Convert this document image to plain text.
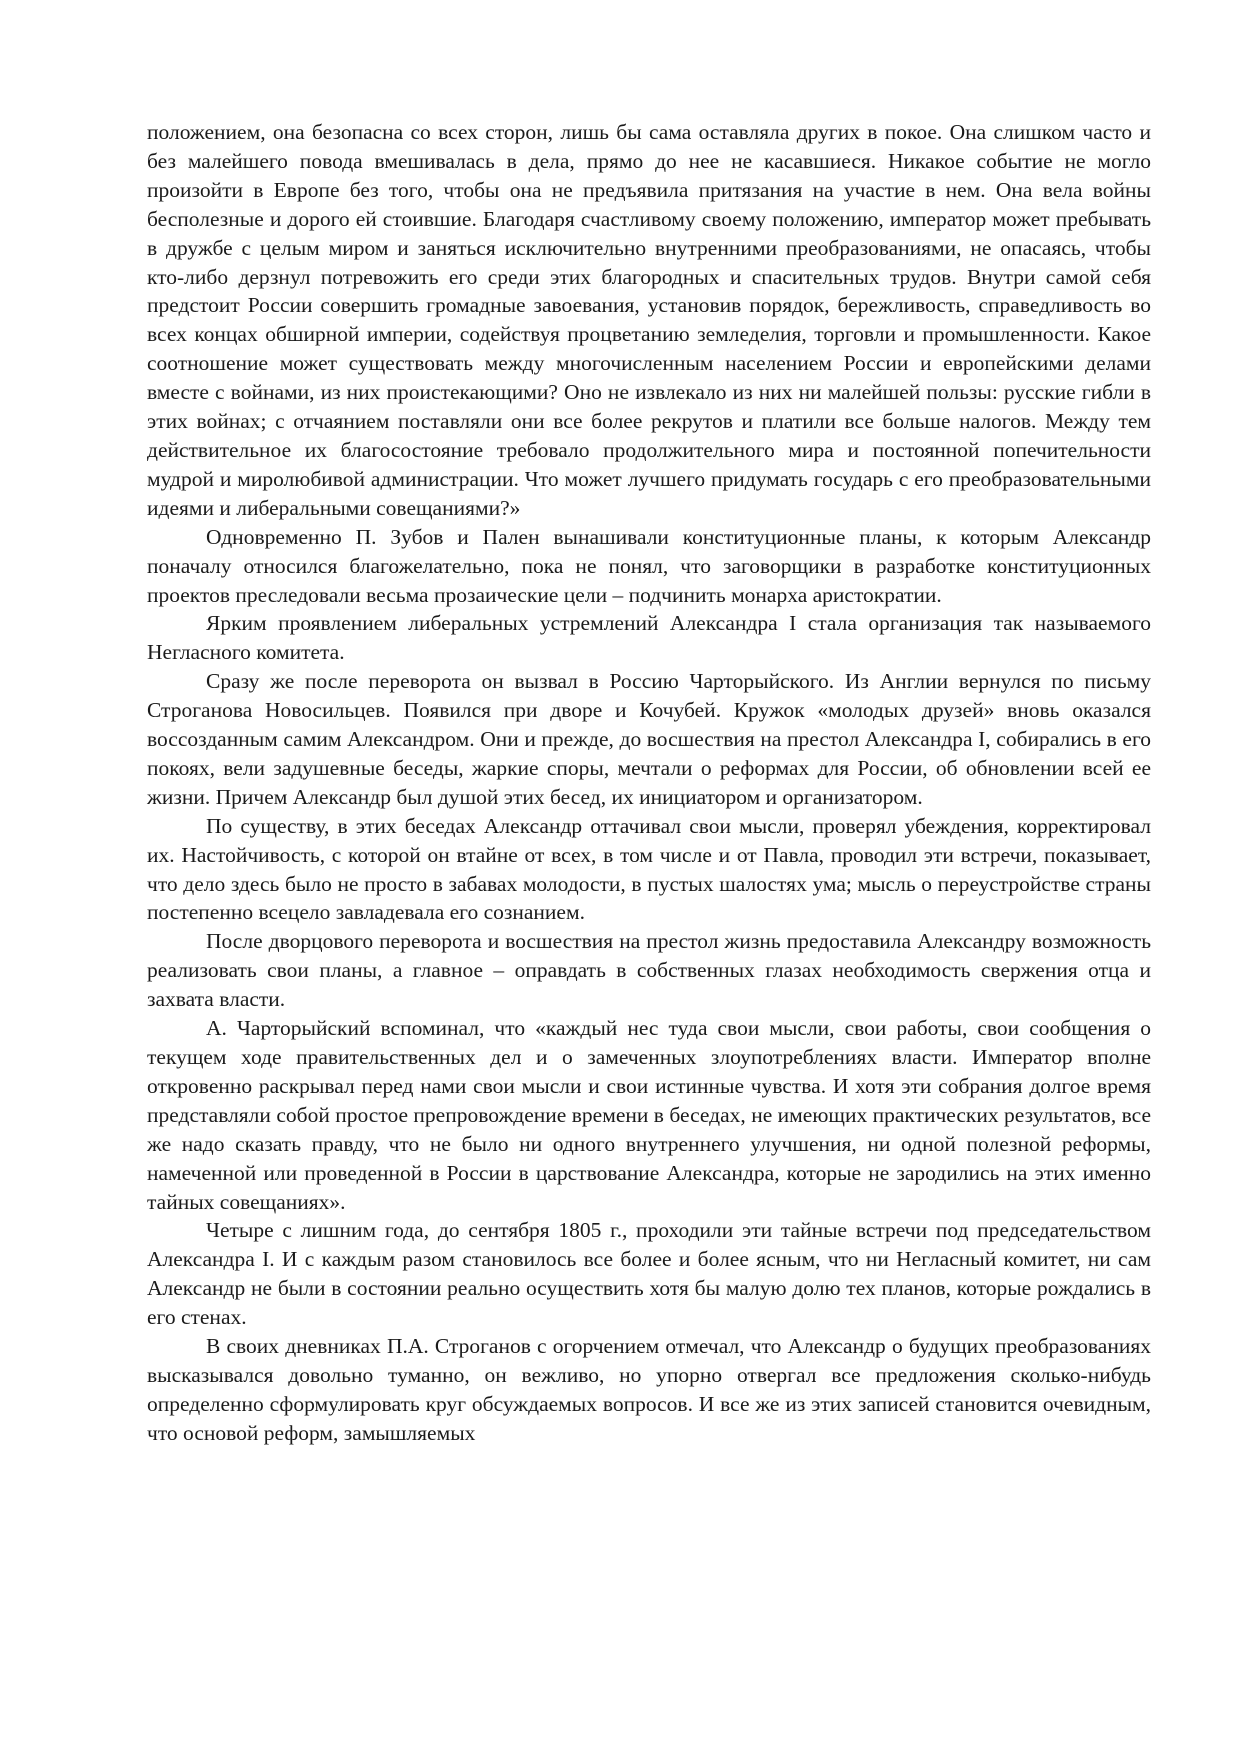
положением, она безопасна со всех сторон, лишь бы сама оставляла других в покое. Она слишком часто и без малейшего повода вмешивалась в дела, прямо до нее не касавшиеся. Никакое событие не могло произойти в Европе без того, чтобы она не предъявила притязания на участие в нем. Она вела войны бесполезные и дорого ей стоившие. Благодаря счастливому своему положению, император может пребывать в дружбе с целым миром и заняться исключительно внутренними преобразованиями, не опасаясь, чтобы кто-либо дерзнул потревожить его среди этих благородных и спасительных трудов. Внутри самой себя предстоит России совершить громадные завоевания, установив порядок, бережливость, справедливость во всех концах обширной империи, содействуя процветанию земледелия, торговли и промышленности. Какое соотношение может существовать между многочисленным населением России и европейскими делами вместе с войнами, из них проистекающими? Оно не извлекало из них ни малейшей пользы: русские гибли в этих войнах; с отчаянием поставляли они все более рекрутов и платили все больше налогов. Между тем действительное их благосостояние требовало продолжительного мира и постоянной попечительности мудрой и миролюбивой администрации. Что может лучшего придумать государь с его преобразовательными идеями и либеральными совещаниями?»

Одновременно П. Зубов и Пален вынашивали конституционные планы, к которым Александр поначалу относился благожелательно, пока не понял, что заговорщики в разработке конституционных проектов преследовали весьма прозаические цели – подчинить монарха аристократии.

Ярким проявлением либеральных устремлений Александра I стала организация так называемого Негласного комитета.

Сразу же после переворота он вызвал в Россию Чарторыйского. Из Англии вернулся по письму Строганова Новосильцев. Появился при дворе и Кочубей. Кружок «молодых друзей» вновь оказался воссозданным самим Александром. Они и прежде, до восшествия на престол Александра I, собирались в его покоях, вели задушевные беседы, жаркие споры, мечтали о реформах для России, об обновлении всей ее жизни. Причем Александр был душой этих бесед, их инициатором и организатором.

По существу, в этих беседах Александр оттачивал свои мысли, проверял убеждения, корректировал их. Настойчивость, с которой он втайне от всех, в том числе и от Павла, проводил эти встречи, показывает, что дело здесь было не просто в забавах молодости, в пустых шалостях ума; мысль о переустройстве страны постепенно всецело завладевала его сознанием.

После дворцового переворота и восшествия на престол жизнь предоставила Александру возможность реализовать свои планы, а главное – оправдать в собственных глазах необходимость свержения отца и захвата власти.

А. Чарторыйский вспоминал, что «каждый нес туда свои мысли, свои работы, свои сообщения о текущем ходе правительственных дел и о замеченных злоупотреблениях власти. Император вполне откровенно раскрывал перед нами свои мысли и свои истинные чувства. И хотя эти собрания долгое время представляли собой простое препровождение времени в беседах, не имеющих практических результатов, все же надо сказать правду, что не было ни одного внутреннего улучшения, ни одной полезной реформы, намеченной или проведенной в России в царствование Александра, которые не зародились на этих именно тайных совещаниях».

Четыре с лишним года, до сентября 1805 г., проходили эти тайные встречи под председательством Александра I. И с каждым разом становилось все более и более ясным, что ни Негласный комитет, ни сам Александр не были в состоянии реально осуществить хотя бы малую долю тех планов, которые рождались в его стенах.

В своих дневниках П.А. Строганов с огорчением отмечал, что Александр о будущих преобразованиях высказывался довольно туманно, он вежливо, но упорно отвергал все предложения сколько-нибудь определенно сформулировать круг обсуждаемых вопросов. И все же из этих записей становится очевидным, что основой реформ, замышляемых
